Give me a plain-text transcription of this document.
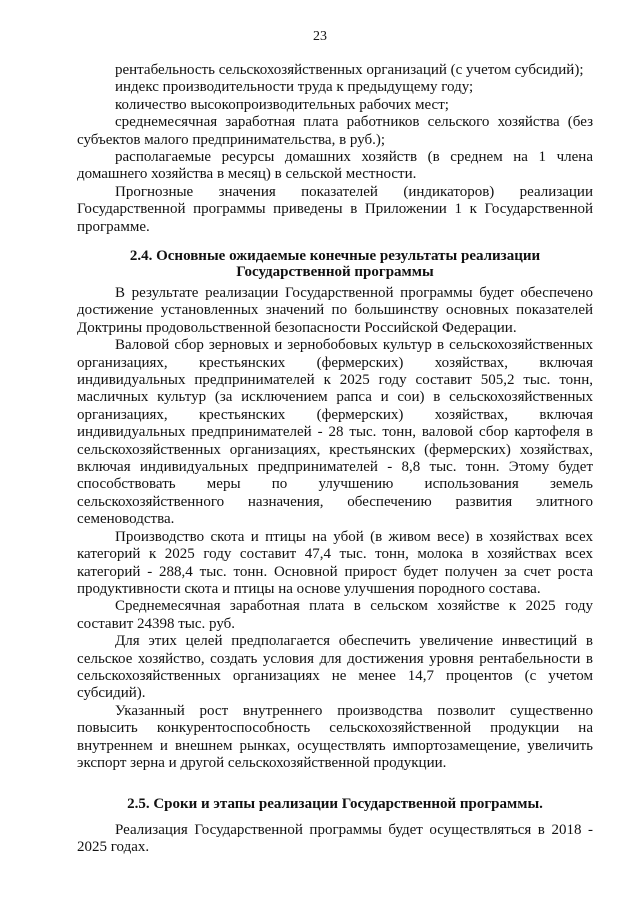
23

рентабельность сельскохозяйственных организаций (с учетом субсидий);

индекс производительности труда к предыдущему году;

количество высокопроизводительных рабочих мест;

среднемесячная заработная плата работников сельского хозяйства (без субъектов малого предпринимательства, в руб.);

располагаемые ресурсы домашних хозяйств (в среднем на 1 члена домашнего хозяйства в месяц) в сельской местности.

Прогнозные значения показателей (индикаторов) реализации Государственной программы приведены в Приложении 1 к Государственной программе.

2.4. Основные ожидаемые конечные результаты реализации

Государственной программы

В результате реализации Государственной программы будет обеспечено достижение установленных значений по большинству основных показателей Доктрины продовольственной безопасности Российской Федерации.

Валовой сбор зерновых и зернобобовых культур в сельскохозяйственных организациях, крестьянских (фермерских) хозяйствах, включая индивидуальных предпринимателей к 2025 году составит 505,2 тыс. тонн, масличных культур (за исключением рапса и сои) в сельскохозяйственных организациях, крестьянских (фермерских) хозяйствах, включая индивидуальных предпринимателей - 28 тыс. тонн, валовой сбор картофеля в сельскохозяйственных организациях, крестьянских (фермерских) хозяйствах, включая индивидуальных предпринимателей - 8,8 тыс. тонн. Этому будет способствовать меры по улучшению использования земель сельскохозяйственного назначения, обеспечению развития элитного семеноводства.

Производство скота и птицы на убой (в живом весе) в хозяйствах всех категорий к 2025 году составит 47,4 тыс. тонн, молока в хозяйствах всех категорий - 288,4 тыс. тонн. Основной прирост будет получен за счет роста продуктивности скота и птицы на основе улучшения породного состава.

Среднемесячная заработная плата в сельском хозяйстве к 2025 году составит 24398 тыс. руб.

Для этих целей предполагается обеспечить увеличение инвестиций в сельское хозяйство, создать условия для достижения уровня рентабельности в сельскохозяйственных организациях не менее 14,7 процентов (с учетом субсидий).

Указанный рост внутреннего производства позволит существенно повысить конкурентоспособность сельскохозяйственной продукции на внутреннем и внешнем рынках, осуществлять импортозамещение, увеличить экспорт зерна и другой сельскохозяйственной продукции.

2.5. Сроки и этапы реализации Государственной программы.

Реализация Государственной программы будет осуществляться в 2018 - 2025 годах.
